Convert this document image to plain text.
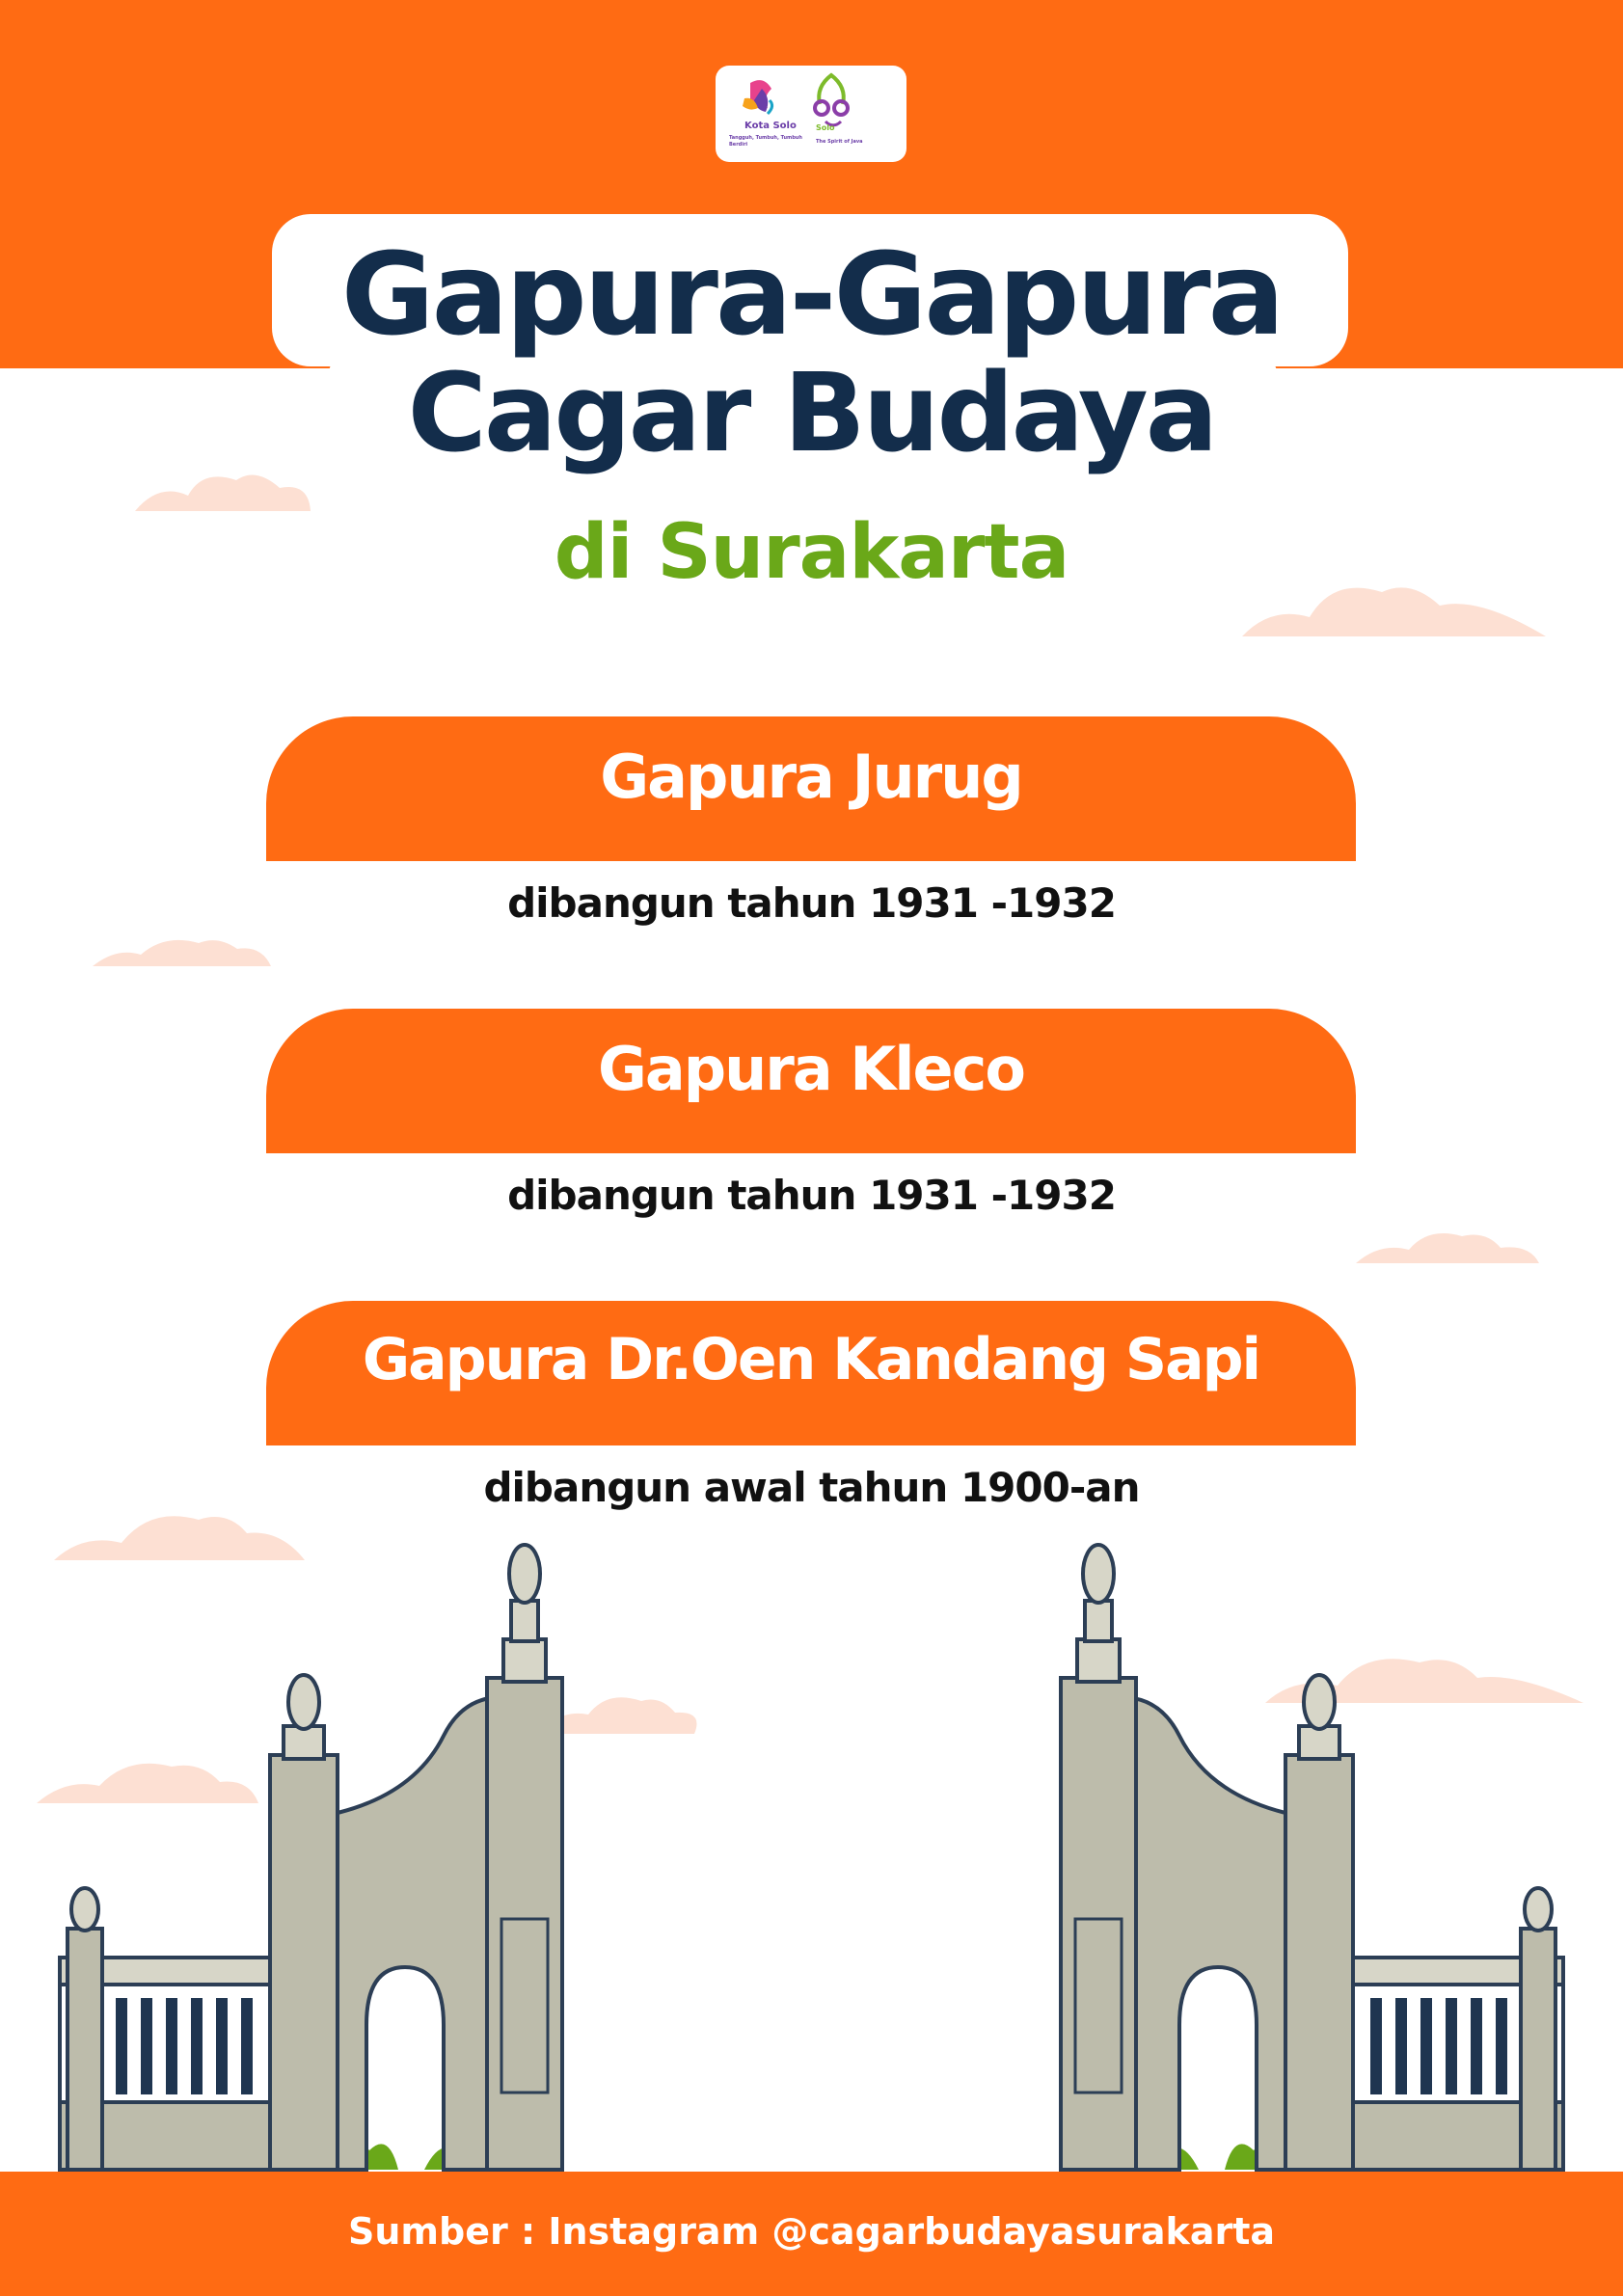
Kota Solo
Tangguh, Tumbuh, Tumbuh Berdiri
Solo
The Spirit of Java
Gapura-Gapura
Cagar Budaya
di Surakarta
Gapura Jurug
dibangun tahun 1931 -1932
Gapura Kleco
dibangun tahun 1931 -1932
Gapura Dr.Oen Kandang Sapi
dibangun awal tahun 1900-an
Sumber : Instagram @cagarbudayasurakarta
